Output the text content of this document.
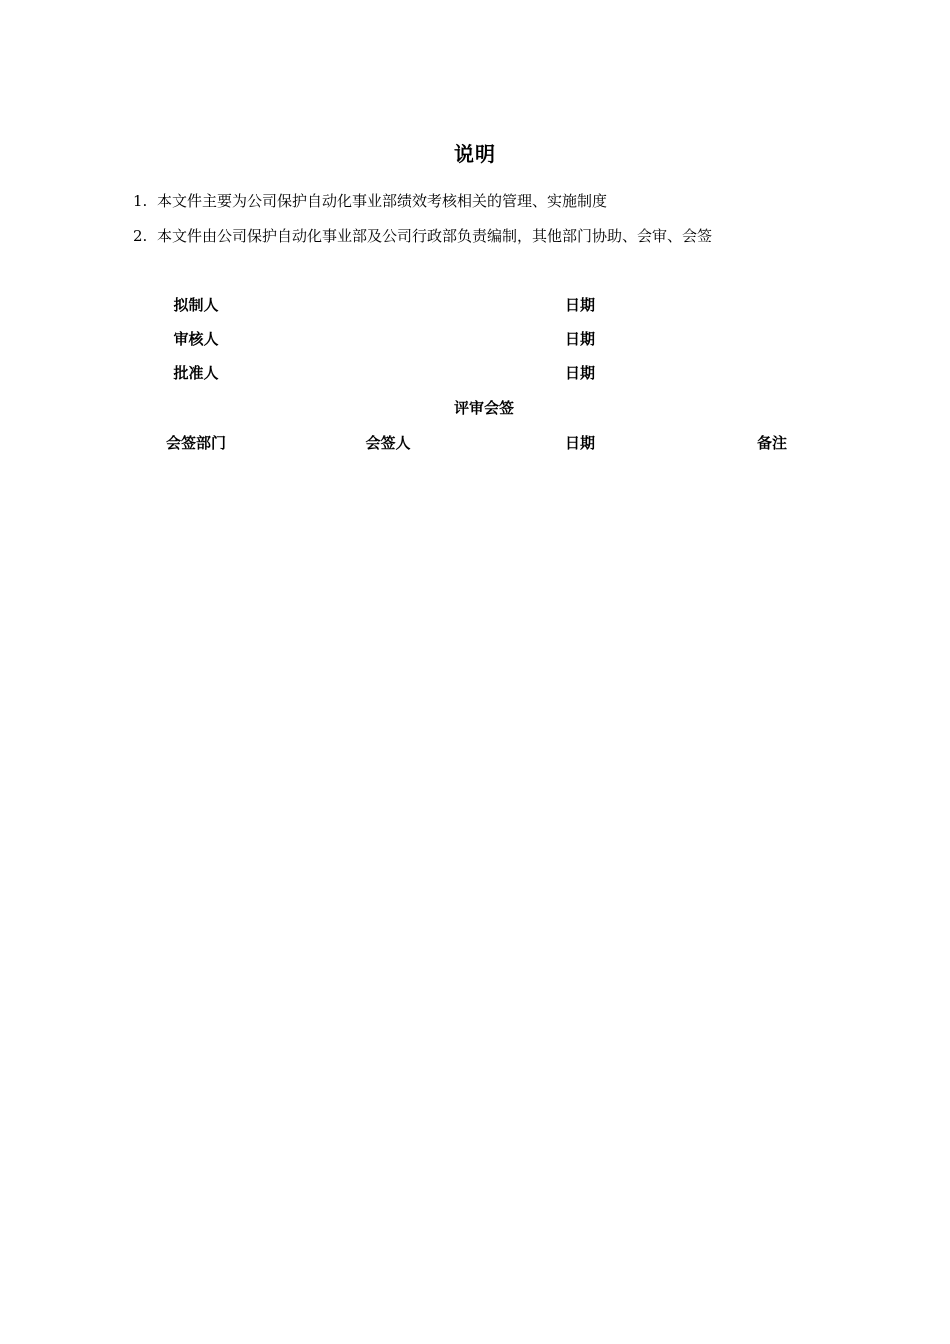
说明
1. 本文件主要为公司保护自动化事业部绩效考核相关的管理、实施制度
2. 本文件由公司保护自动化事业部及公司行政部负责编制，其他部门协助、会审、会签
拟制人	日期
审核人	日期
批准人	日期
评审会签
会签部门	会签人	日期	备注
